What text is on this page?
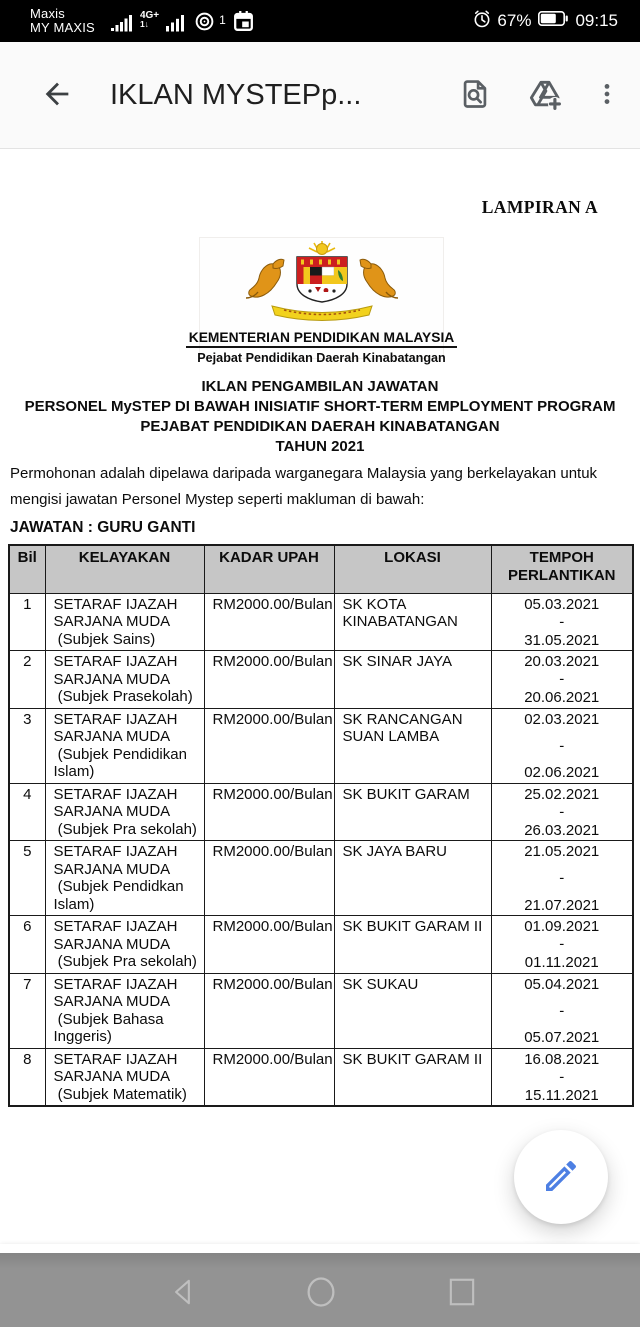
Maxis
MY MAXIS
4G+
1↓	1	67%	09:15
IKLAN MYSTEPp...
LAMPIRAN A
KEMENTERIAN PENDIDIKAN MALAYSIA
Pejabat Pendidikan Daerah Kinabatangan
IKLAN PENGAMBILAN JAWATAN
PERSONEL MySTEP DI BAWAH INISIATIF SHORT-TERM EMPLOYMENT PROGRAM
PEJABAT PENDIDIKAN DAERAH KINABATANGAN
TAHUN 2021
Permohonan adalah dipelawa daripada warganegara Malaysia yang berkelayakan untuk mengisi jawatan Personel Mystep seperti makluman di bawah:
JAWATAN : GURU GANTI
Bil	KELAYAKAN	KADAR UPAH	LOKASI	TEMPOH
PERLANTIKAN

1	SETARAF IJAZAH
SARJANA MUDA
(Subjek Sains)
	RM2000.00/Bulan	SK KOTA
KINABATANGAN

05.03.2021
-
31.05.2021

2	SETARAF IJAZAH
SARJANA MUDA
(Subjek Prasekolah)
	RM2000.00/Bulan	SK SINAR JAYA	20.03.2021
-
20.06.2021

3	SETARAF IJAZAH
SARJANA MUDA
(Subjek Pendidikan
Islam)
	RM2000.00/Bulan	SK RANCANGAN
SUAN LAMBA

02.03.2021
-
02.06.2021

4	SETARAF IJAZAH
SARJANA MUDA
(Subjek Pra sekolah)
	RM2000.00/Bulan	SK BUKIT GARAM	25.02.2021
-
26.03.2021

5	SETARAF IJAZAH
SARJANA MUDA
(Subjek Pendidkan
Islam)
	RM2000.00/Bulan	SK JAYA BARU	21.05.2021
-
21.07.2021

6	SETARAF IJAZAH
SARJANA MUDA
(Subjek Pra sekolah)
	RM2000.00/Bulan	SK BUKIT GARAM II	01.09.2021
-
01.11.2021

7	SETARAF IJAZAH
SARJANA MUDA
(Subjek Bahasa
Inggeris)
	RM2000.00/Bulan	SK SUKAU	05.04.2021
-
05.07.2021

8	SETARAF IJAZAH
SARJANA MUDA
(Subjek Matematik)
	RM2000.00/Bulan	SK BUKIT GARAM II	16.08.2021
-
15.11.2021
